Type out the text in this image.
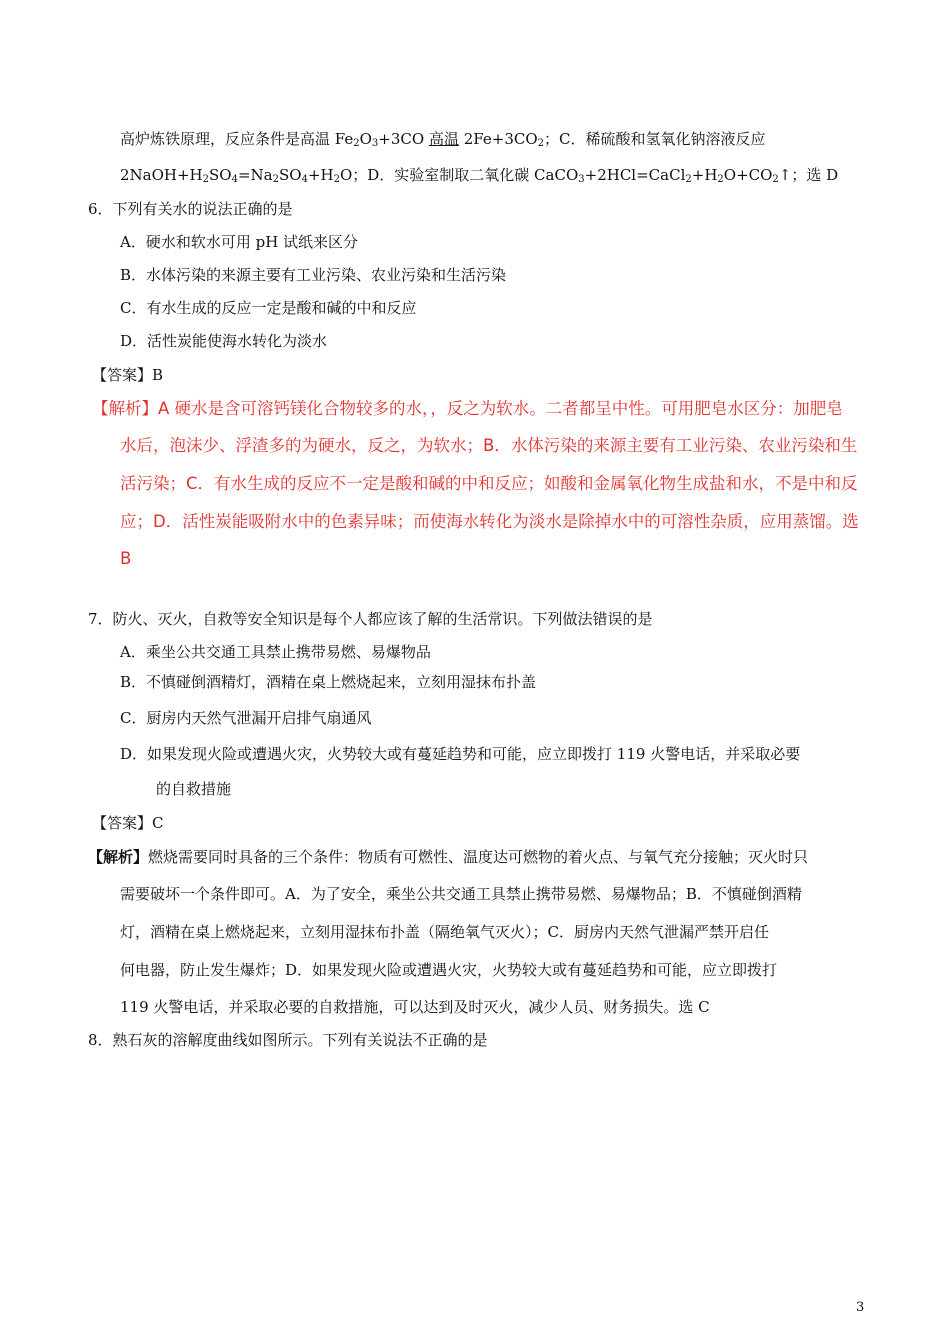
高炉炼铁原理，反应条件是高温 $Fe_2O_3+3CO$ 高温 $2Fe+3CO_2$；C．稀硫酸和氢氧化钠溶液反应
$2NaOH+H_2SO_4=Na_2SO_4+H_2O$；D．实验室制取二氧化碳 $CaCO_3+2HCl=CaCl_2+H_2O+CO_2↑$；选 D
6．下列有关水的说法正确的是
A．硬水和软水可用 pH 试纸来区分
B．水体污染的来源主要有工业污染、农业污染和生活污染
C．有水生成的反应一定是酸和碱的中和反应
D．活性炭能使海水转化为淡水
【答案】B
【解析】A 硬水是含可溶钙镁化合物较多的水，，反之为软水。二者都呈中性。可用肥皂水区分：加肥皂
水后，泡沫少、浮渣多的为硬水，反之，为软水；B．水体污染的来源主要有工业污染、农业污染和生
活污染；C．有水生成的反应不一定是酸和碱的中和反应；如酸和金属氧化物生成盐和水，不是中和反
应；D．活性炭能吸附水中的色素异味；而使海水转化为淡水是除掉水中的可溶性杂质，应用蒸馏。选
B
7．防火、灭火，自救等安全知识是每个人都应该了解的生活常识。下列做法错误的是
A．乘坐公共交通工具禁止携带易燃、易爆物品
B．不慎碰倒酒精灯，酒精在桌上燃烧起来，立刻用湿抹布扑盖
C．厨房内天然气泄漏开启排气扇通风
D．如果发现火险或遭遇火灾，火势较大或有蔓延趋势和可能，应立即拨打 119 火警电话，并采取必要
的自救措施
【答案】C
【解析】燃烧需要同时具备的三个条件：物质有可燃性、温度达可燃物的着火点、与氧气充分接触；灭火时只
需要破坏一个条件即可。A．为了安全，乘坐公共交通工具禁止携带易燃、易爆物品；B．不慎碰倒酒精
灯，酒精在桌上燃烧起来，立刻用湿抹布扑盖（隔绝氧气灭火）；C．厨房内天然气泄漏严禁开启任
何电器，防止发生爆炸；D．如果发现火险或遭遇火灾，火势较大或有蔓延趋势和可能，应立即拨打
119 火警电话，并采取必要的自救措施，可以达到及时灭火，减少人员、财务损失。选 C
8．熟石灰的溶解度曲线如图所示。下列有关说法不正确的是
3
